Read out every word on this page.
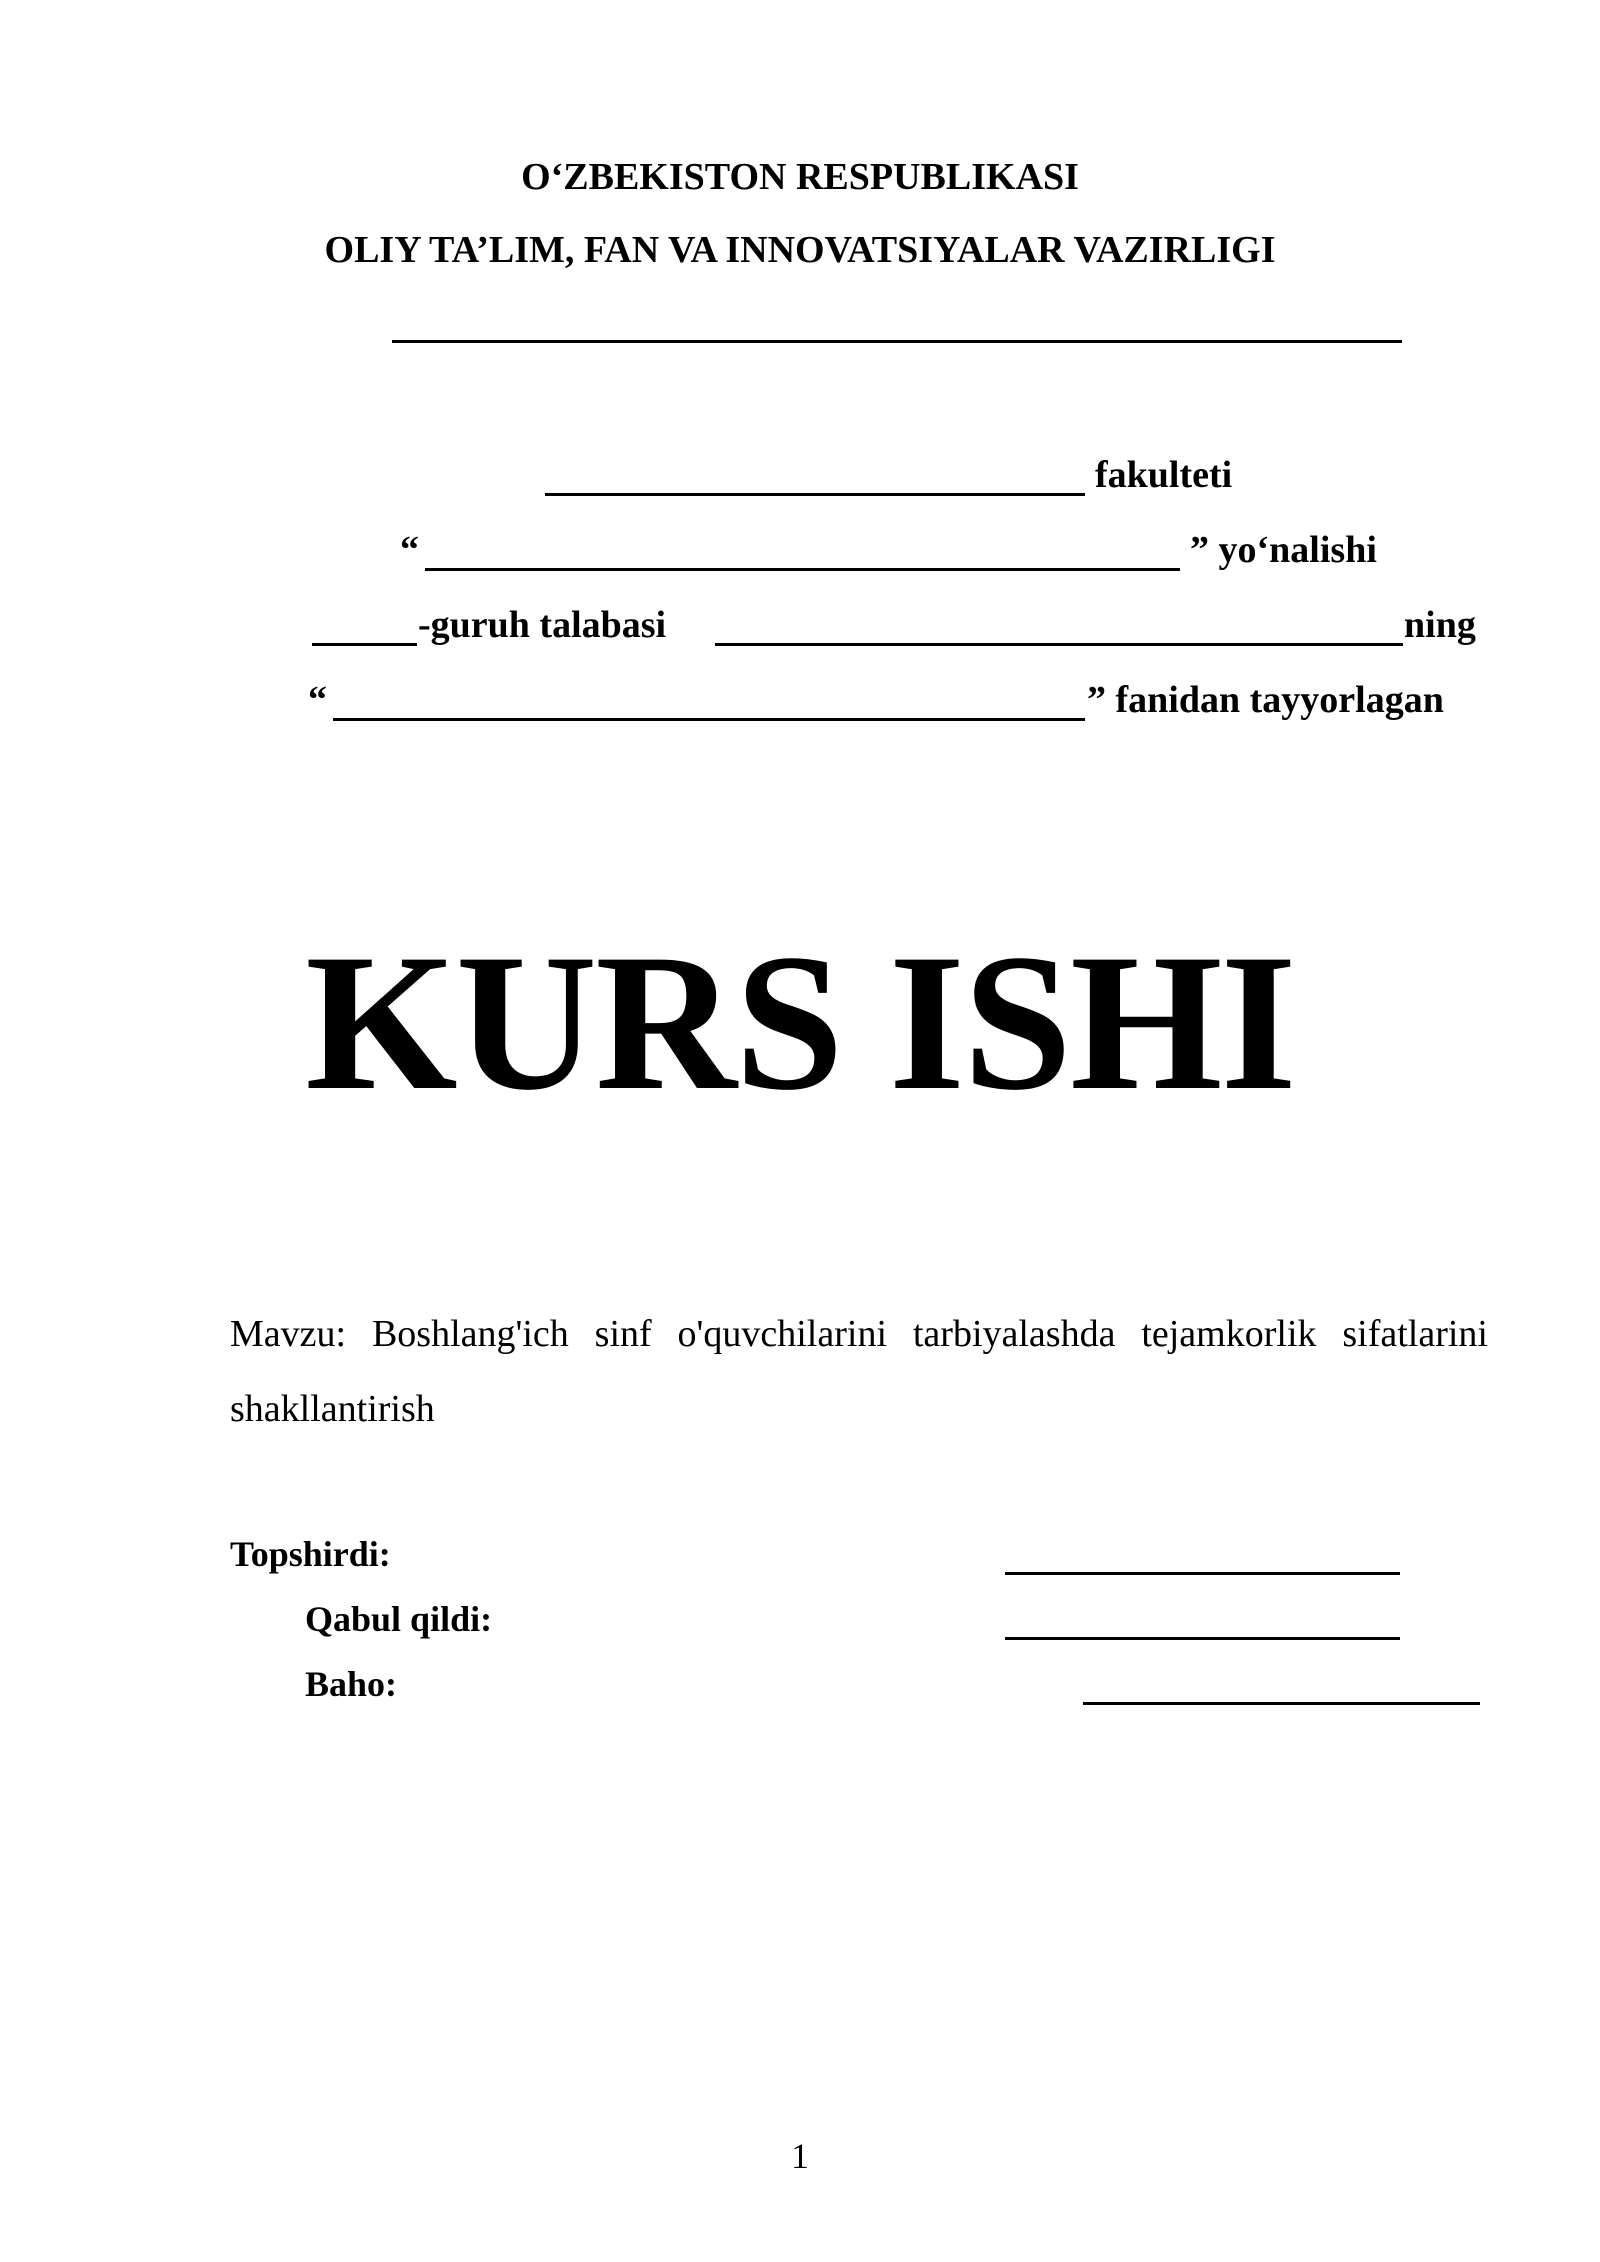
O‘ZBEKISTON RESPUBLIKASI
OLIY TA’LIM, FAN VA INNOVATSIYALAR VAZIRLIGI
fakulteti
“	” yo‘nalishi
-guruh talabasi	ning
“	” fanidan tayyorlagan
KURS ISHI
Mavzu: Boshlang'ich sinf o'quvchilarini tarbiyalashda tejamkorlik sifatlarini shakllantirish
Topshirdi:
Qabul qildi:
Baho:
1
